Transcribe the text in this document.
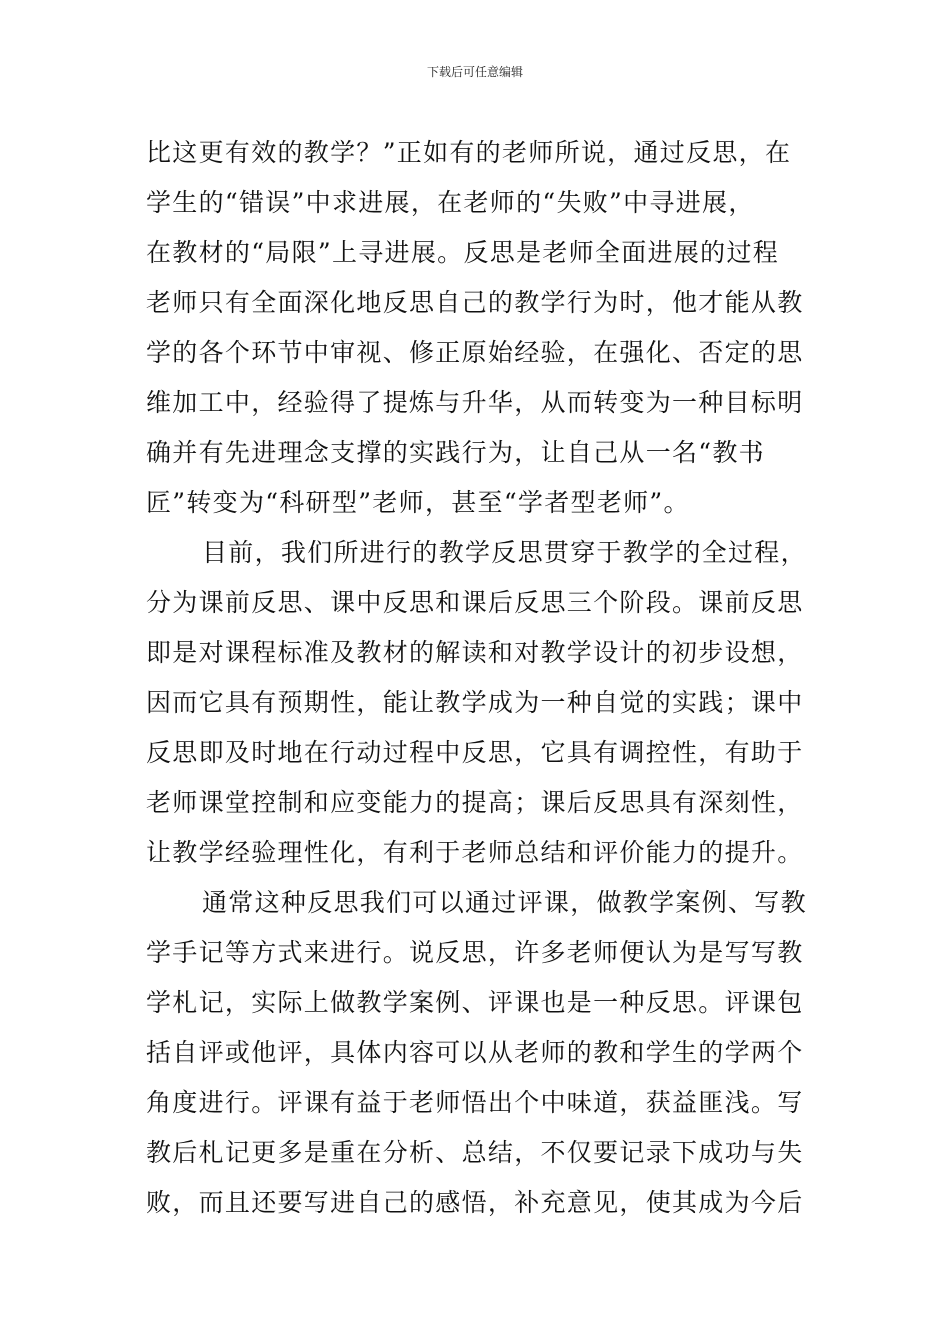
下载后可任意编辑
比这更有效的教学？”正如有的老师所说，通过反思，在
学生的“错误”中求进展，在老师的“失败”中寻进展，
在教材的“局限”上寻进展。反思是老师全面进展的过程
老师只有全面深化地反思自己的教学行为时，他才能从教
学的各个环节中审视、修正原始经验，在强化、否定的思
维加工中，经验得了提炼与升华，从而转变为一种目标明
确并有先进理念支撑的实践行为，让自己从一名“教书
匠”转变为“科研型”老师，甚至“学者型老师”。
目前，我们所进行的教学反思贯穿于教学的全过程，
分为课前反思、课中反思和课后反思三个阶段。课前反思
即是对课程标准及教材的解读和对教学设计的初步设想，
因而它具有预期性，能让教学成为一种自觉的实践；课中
反思即及时地在行动过程中反思，它具有调控性，有助于
老师课堂控制和应变能力的提高；课后反思具有深刻性，
让教学经验理性化，有利于老师总结和评价能力的提升。
通常这种反思我们可以通过评课，做教学案例、写教
学手记等方式来进行。说反思，许多老师便认为是写写教
学札记，实际上做教学案例、评课也是一种反思。评课包
括自评或他评，具体内容可以从老师的教和学生的学两个
角度进行。评课有益于老师悟出个中味道，获益匪浅。写
教后札记更多是重在分析、总结，不仅要记录下成功与失
败，而且还要写进自己的感悟，补充意见，使其成为今后
